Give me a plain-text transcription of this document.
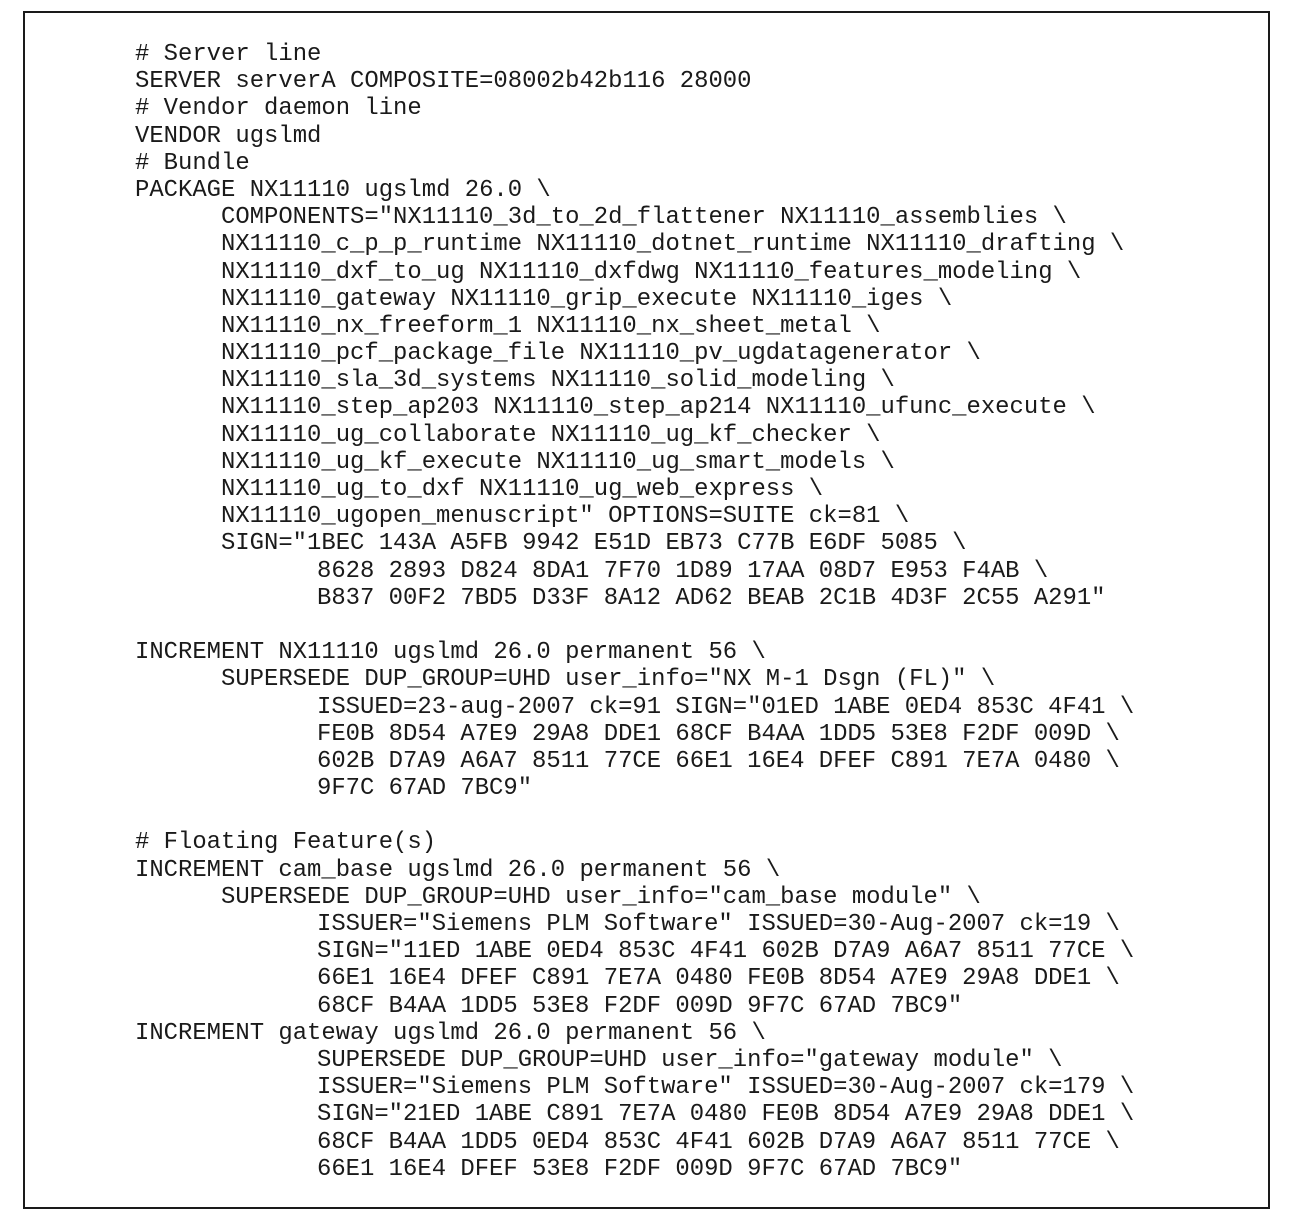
# Server line
SERVER serverA COMPOSITE=08002b42b116 28000
# Vendor daemon line
VENDOR ugslmd
# Bundle
PACKAGE NX11110 ugslmd 26.0 \
COMPONENTS="NX11110_3d_to_2d_flattener NX11110_assemblies \
NX11110_c_p_p_runtime NX11110_dotnet_runtime NX11110_drafting \
NX11110_dxf_to_ug NX11110_dxfdwg NX11110_features_modeling \
NX11110_gateway NX11110_grip_execute NX11110_iges \
NX11110_nx_freeform_1 NX11110_nx_sheet_metal \
NX11110_pcf_package_file NX11110_pv_ugdatagenerator \
NX11110_sla_3d_systems NX11110_solid_modeling \
NX11110_step_ap203 NX11110_step_ap214 NX11110_ufunc_execute \
NX11110_ug_collaborate NX11110_ug_kf_checker \
NX11110_ug_kf_execute NX11110_ug_smart_models \
NX11110_ug_to_dxf NX11110_ug_web_express \
NX11110_ugopen_menuscript" OPTIONS=SUITE ck=81 \
SIGN="1BEC 143A A5FB 9942 E51D EB73 C77B E6DF 5085 \
8628 2893 D824 8DA1 7F70 1D89 17AA 08D7 E953 F4AB \
B837 00F2 7BD5 D33F 8A12 AD62 BEAB 2C1B 4D3F 2C55 A291"
INCREMENT NX11110 ugslmd 26.0 permanent 56 \
SUPERSEDE DUP_GROUP=UHD user_info="NX M-1 Dsgn (FL)" \
ISSUED=23-aug-2007 ck=91 SIGN="01ED 1ABE 0ED4 853C 4F41 \
FE0B 8D54 A7E9 29A8 DDE1 68CF B4AA 1DD5 53E8 F2DF 009D \
602B D7A9 A6A7 8511 77CE 66E1 16E4 DFEF C891 7E7A 0480 \
9F7C 67AD 7BC9"
# Floating Feature(s)
INCREMENT cam_base ugslmd 26.0 permanent 56 \
SUPERSEDE DUP_GROUP=UHD user_info="cam_base module" \
ISSUER="Siemens PLM Software" ISSUED=30-Aug-2007 ck=19 \
SIGN="11ED 1ABE 0ED4 853C 4F41 602B D7A9 A6A7 8511 77CE \
66E1 16E4 DFEF C891 7E7A 0480 FE0B 8D54 A7E9 29A8 DDE1 \
68CF B4AA 1DD5 53E8 F2DF 009D 9F7C 67AD 7BC9"
INCREMENT gateway ugslmd 26.0 permanent 56 \
SUPERSEDE DUP_GROUP=UHD user_info="gateway module" \
ISSUER="Siemens PLM Software" ISSUED=30-Aug-2007 ck=179 \
SIGN="21ED 1ABE C891 7E7A 0480 FE0B 8D54 A7E9 29A8 DDE1 \
68CF B4AA 1DD5 0ED4 853C 4F41 602B D7A9 A6A7 8511 77CE \
66E1 16E4 DFEF 53E8 F2DF 009D 9F7C 67AD 7BC9"
